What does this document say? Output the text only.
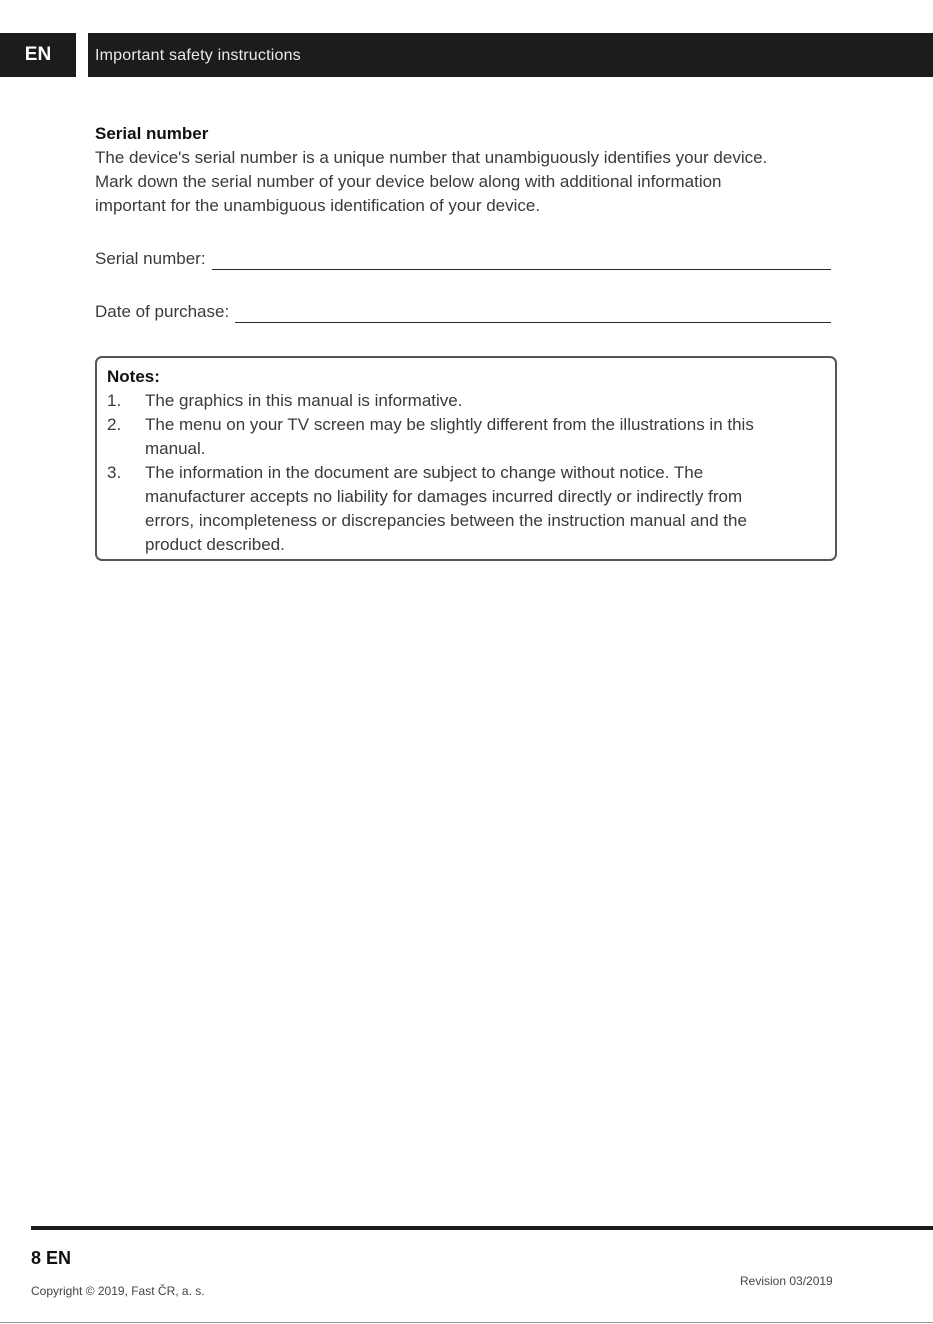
EN	Important safety instructions
Serial number

The device's serial number is a unique number that unambiguously identifies your device.
Mark down the serial number of your device below along with additional information
important for the unambiguous identification of your device.

Serial number:
Date of purchase:
Notes:
1.	The graphics in this manual is informative.
2.	The menu on your TV screen may be slightly different from the illustrations in this
manual.
3.	The information in the document are subject to change without notice. The
manufacturer accepts no liability for damages incurred directly or indirectly from
errors, incompleteness or discrepancies between the instruction manual and the
product described.
8 EN
Copyright © 2019, Fast ČR, a. s.
Revision 03/2019
